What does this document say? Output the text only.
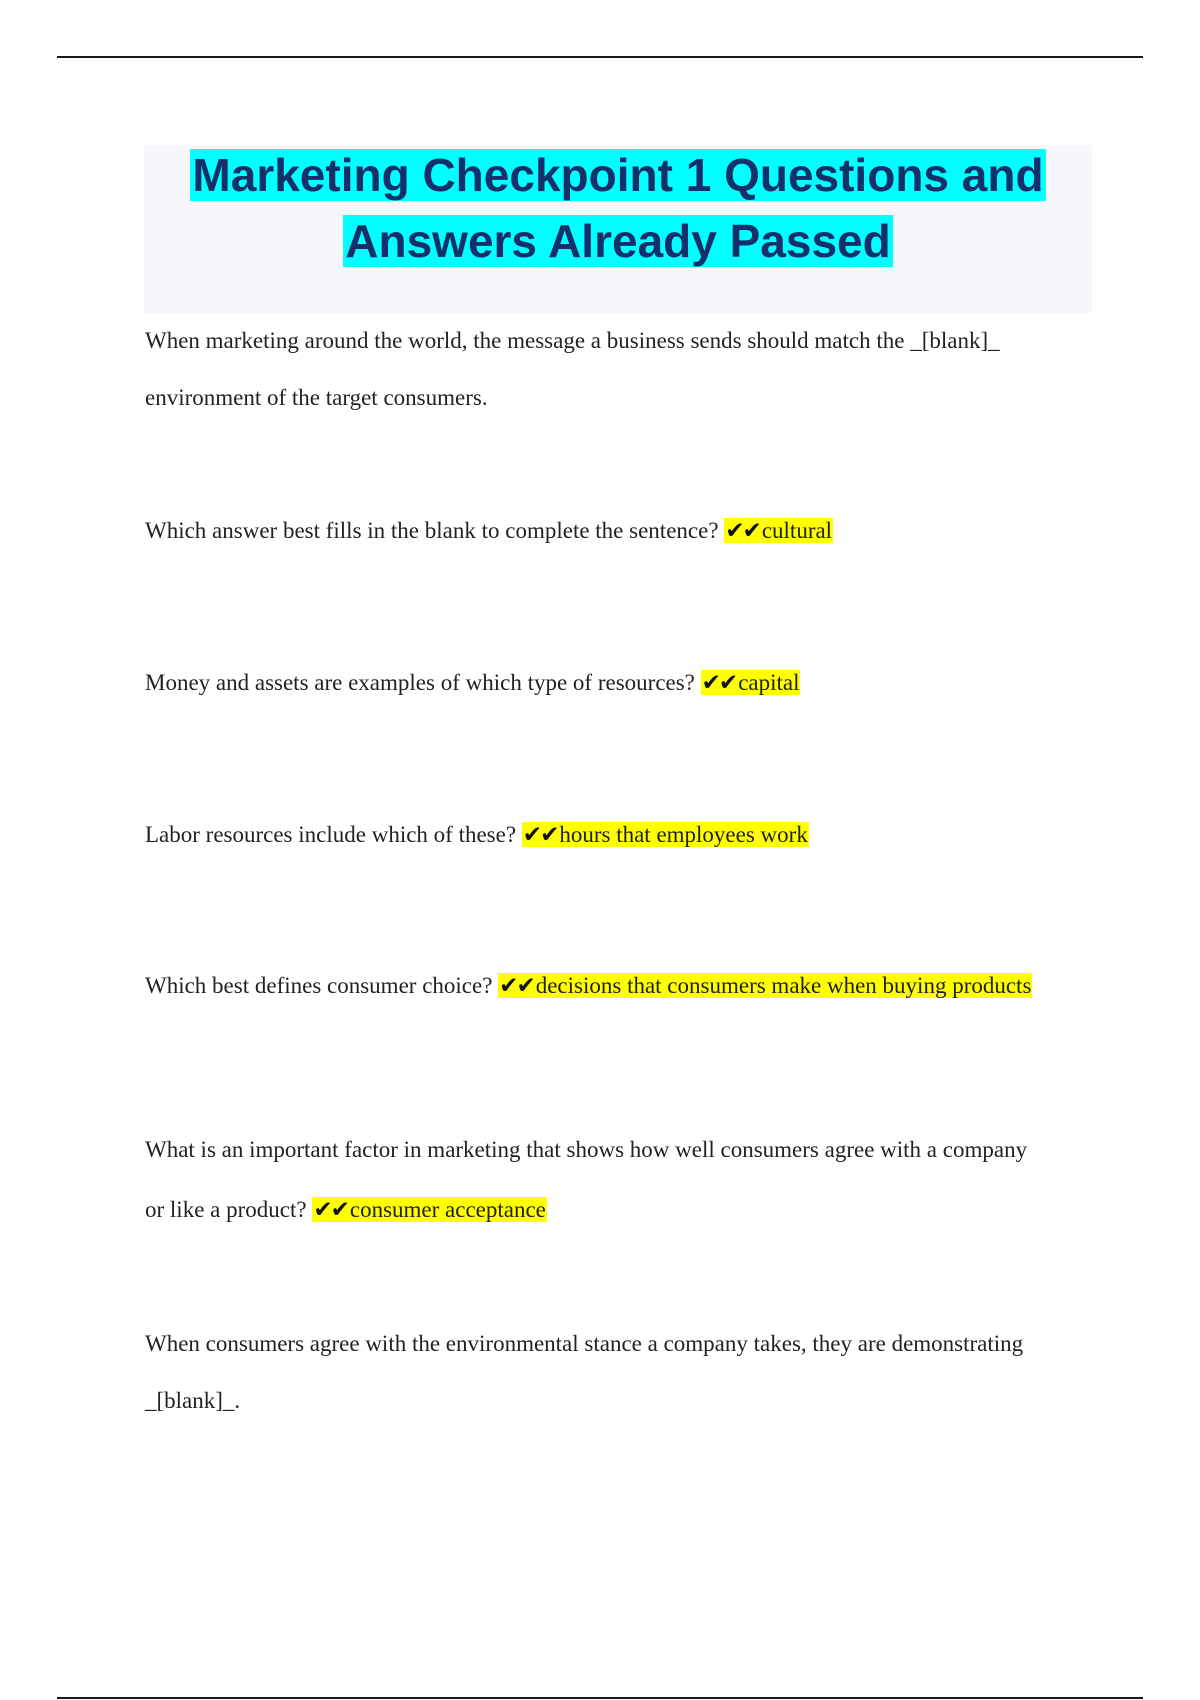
Marketing Checkpoint 1 Questions and
Answers Already Passed
When marketing around the world, the message a business sends should match the _[blank]_
environment of the target consumers.
Which answer best fills in the blank to complete the sentence? ✔✔cultural
Money and assets are examples of which type of resources? ✔✔capital
Labor resources include which of these? ✔✔hours that employees work
Which best defines consumer choice? ✔✔decisions that consumers make when buying products
What is an important factor in marketing that shows how well consumers agree with a company
or like a product? ✔✔consumer acceptance
When consumers agree with the environmental stance a company takes, they are demonstrating
_[blank]_.
